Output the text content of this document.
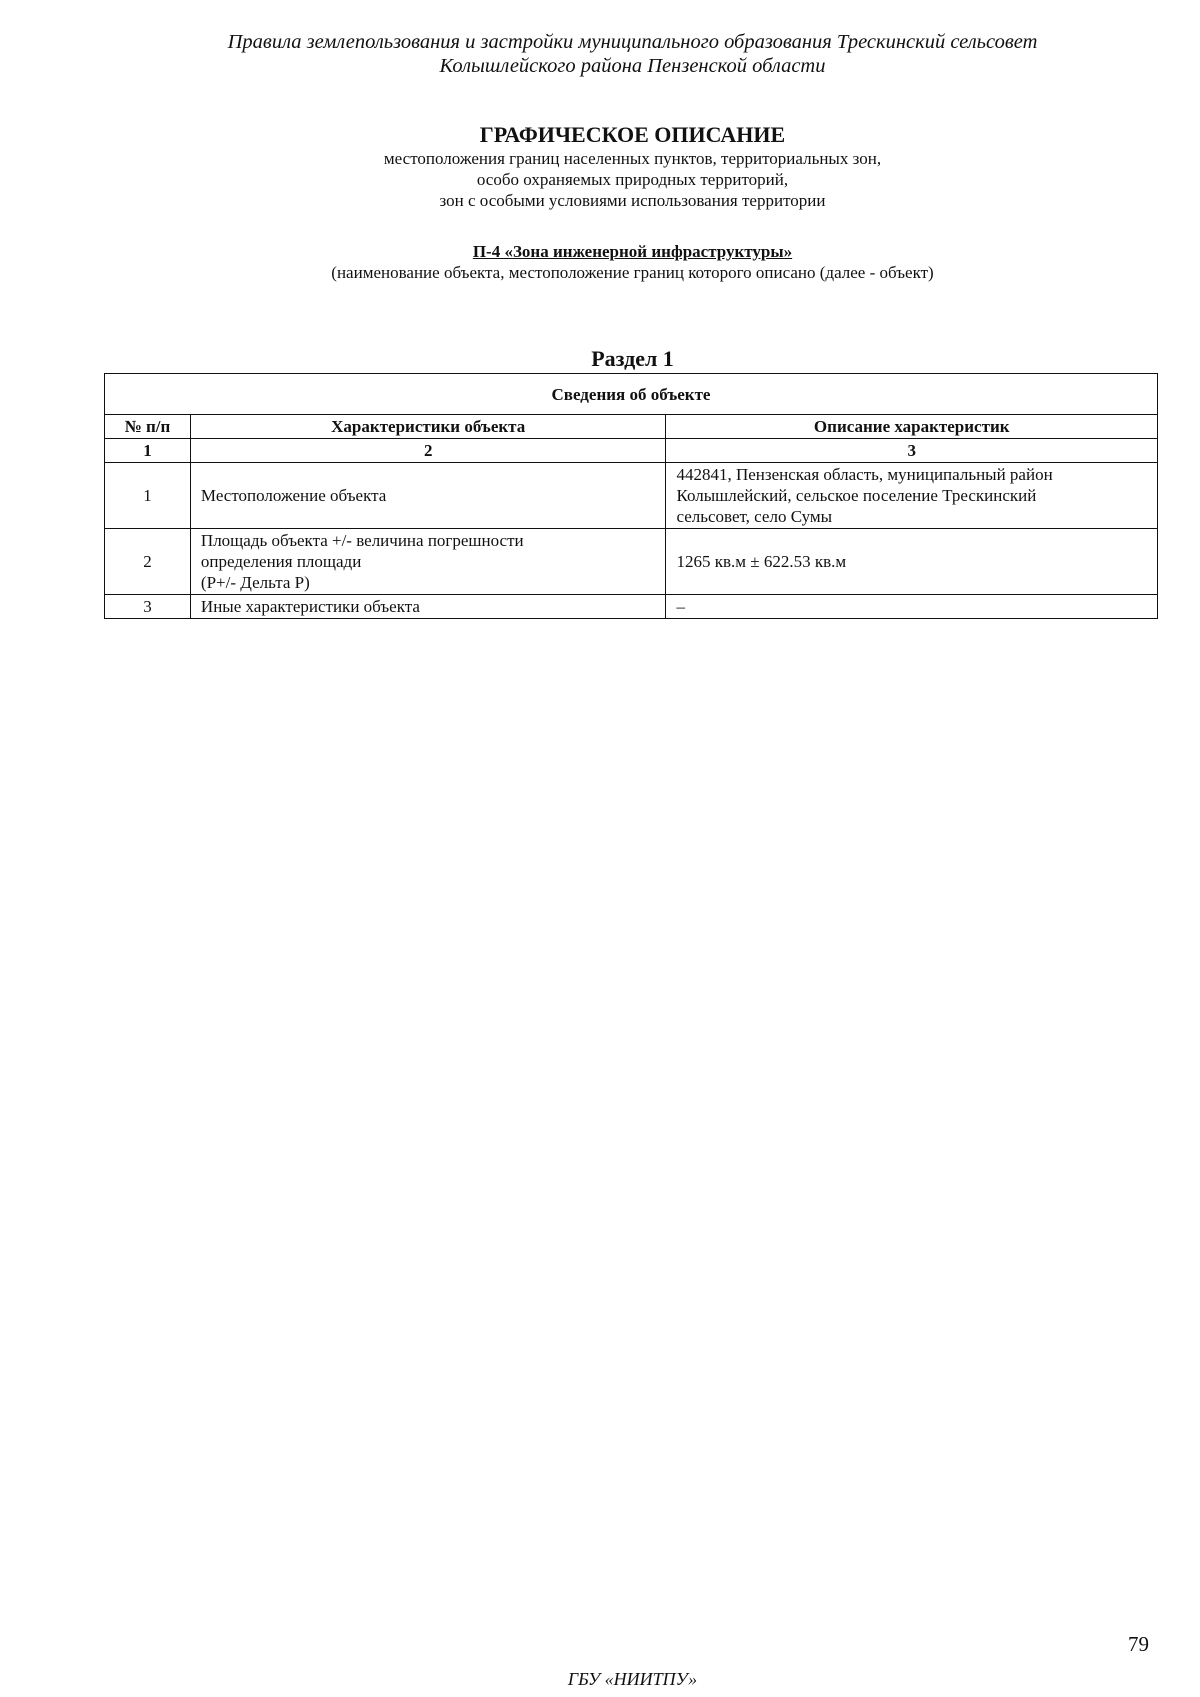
Правила землепользования и застройки муниципального образования Трескинский сельсовет
Колышлейского района Пензенской области
ГРАФИЧЕСКОЕ ОПИСАНИЕ
местоположения границ населенных пунктов, территориальных зон,
особо охраняемых природных территорий,
зон с особыми условиями использования территории
П-4 «Зона инженерной инфраструктуры»
(наименование объекта, местоположение границ которого описано (далее - объект)
Раздел 1
Сведения об объекте		
№ п/п	Характеристики объекта	Описание характеристик
1	2	3
1	Местоположение объекта	442841, Пензенская область, муниципальный район
Колышлейский, сельское поселение Трескинский
сельсовет, село Сумы

2	Площадь объекта +/- величина погрешности
определения площади
(P+/- Дельта P)	1265 кв.м ± 622.53 кв.м

3	Иные характеристики объекта	–
79
ГБУ «НИИТПУ»
